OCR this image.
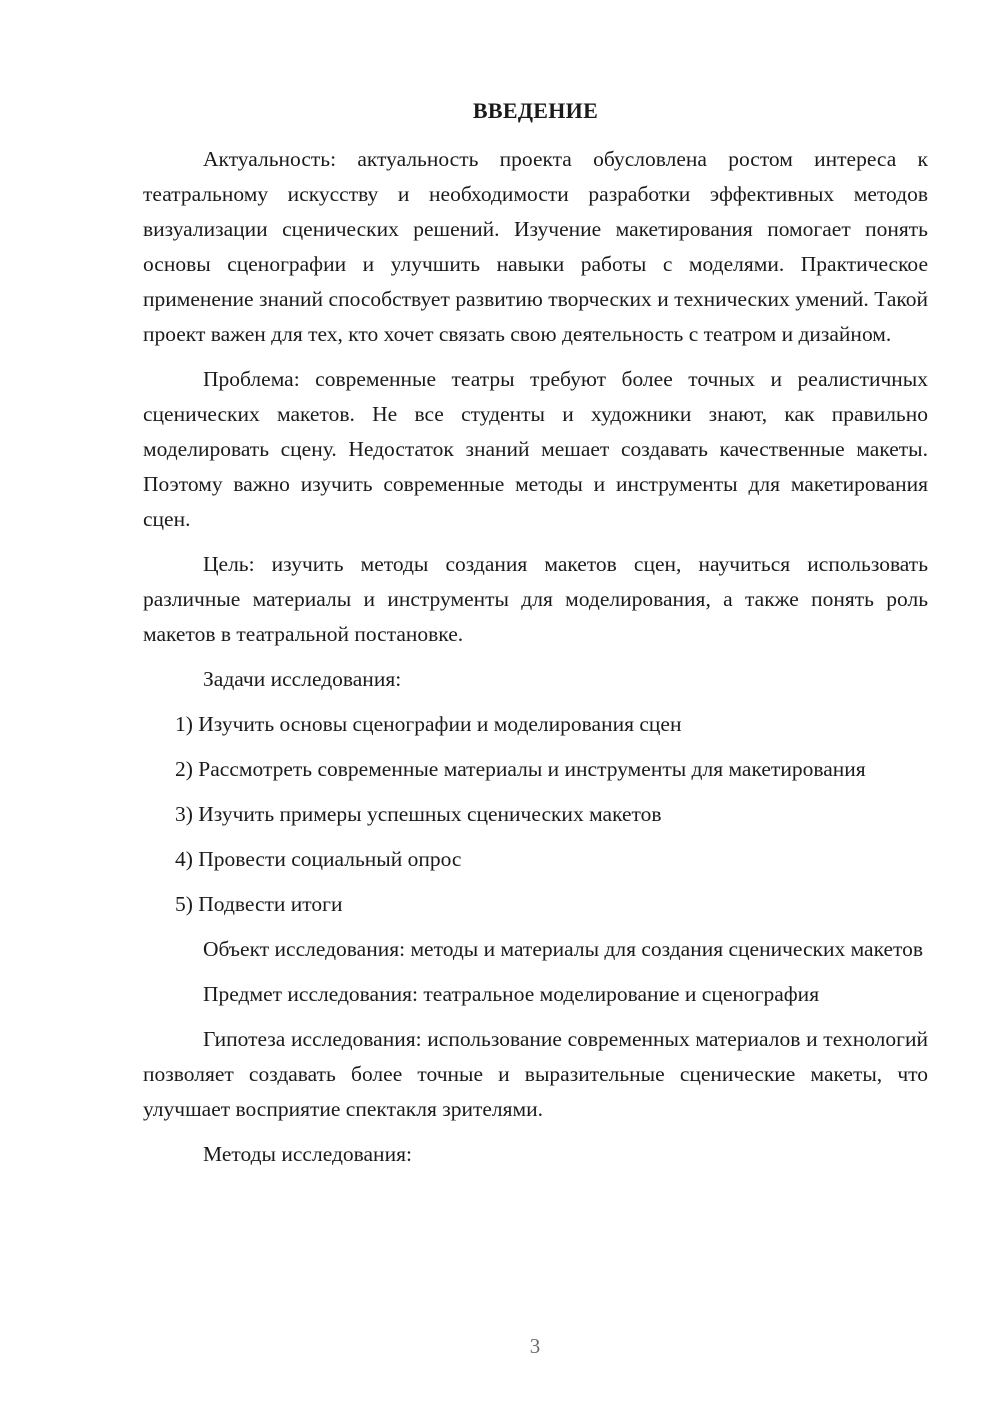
ВВЕДЕНИЕ

Актуальность: актуальность проекта обусловлена ростом интереса к театральному искусству и необходимости разработки эффективных методов визуализации сценических решений. Изучение макетирования помогает понять основы сценографии и улучшить навыки работы с моделями. Практическое применение знаний способствует развитию творческих и технических умений. Такой проект важен для тех, кто хочет связать свою деятельность с театром и дизайном.

Проблема: современные театры требуют более точных и реалистичных сценических макетов. Не все студенты и художники знают, как правильно моделировать сцену. Недостаток знаний мешает создавать качественные макеты. Поэтому важно изучить современные методы и инструменты для макетирования сцен.

Цель: изучить методы создания макетов сцен, научиться использовать различные материалы и инструменты для моделирования, а также понять роль макетов в театральной постановке.

Задачи исследования:

1) Изучить основы сценографии и моделирования сцен

2) Рассмотреть современные материалы и инструменты для макетирования

3) Изучить примеры успешных сценических макетов

4) Провести социальный опрос

5) Подвести итоги

Объект исследования: методы и материалы для создания сценических макетов

Предмет исследования: театральное моделирование и сценография

Гипотеза исследования: использование современных материалов и технологий позволяет создавать более точные и выразительные сценические макеты, что улучшает восприятие спектакля зрителями.

Методы исследования:

3
